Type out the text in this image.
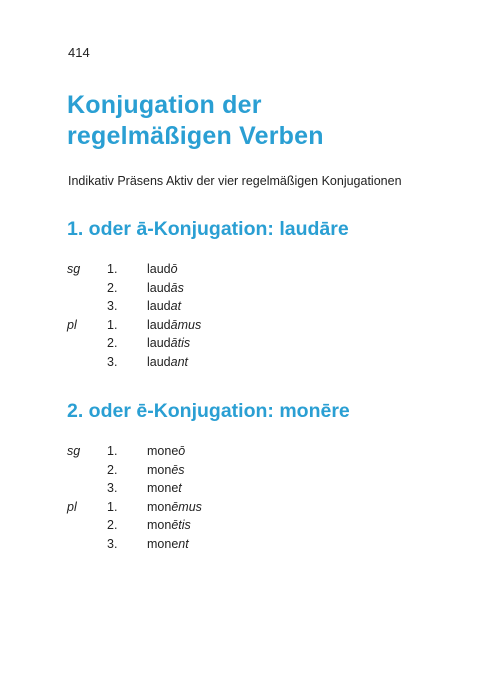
414
Konjugation der
regelmäßigen Verben
Indikativ Präsens Aktiv der vier regelmäßigen Konjugationen
1. oder ā-Konjugation: laudāre
sg 1. laudō
2. laudās
3. laudat
pl 1. laudāmus
2. laudātis
3. laudant
2. oder ē-Konjugation: monēre
sg 1. moneō
2. monēs
3. monet
pl 1. monēmus
2. monētis
3. monent
